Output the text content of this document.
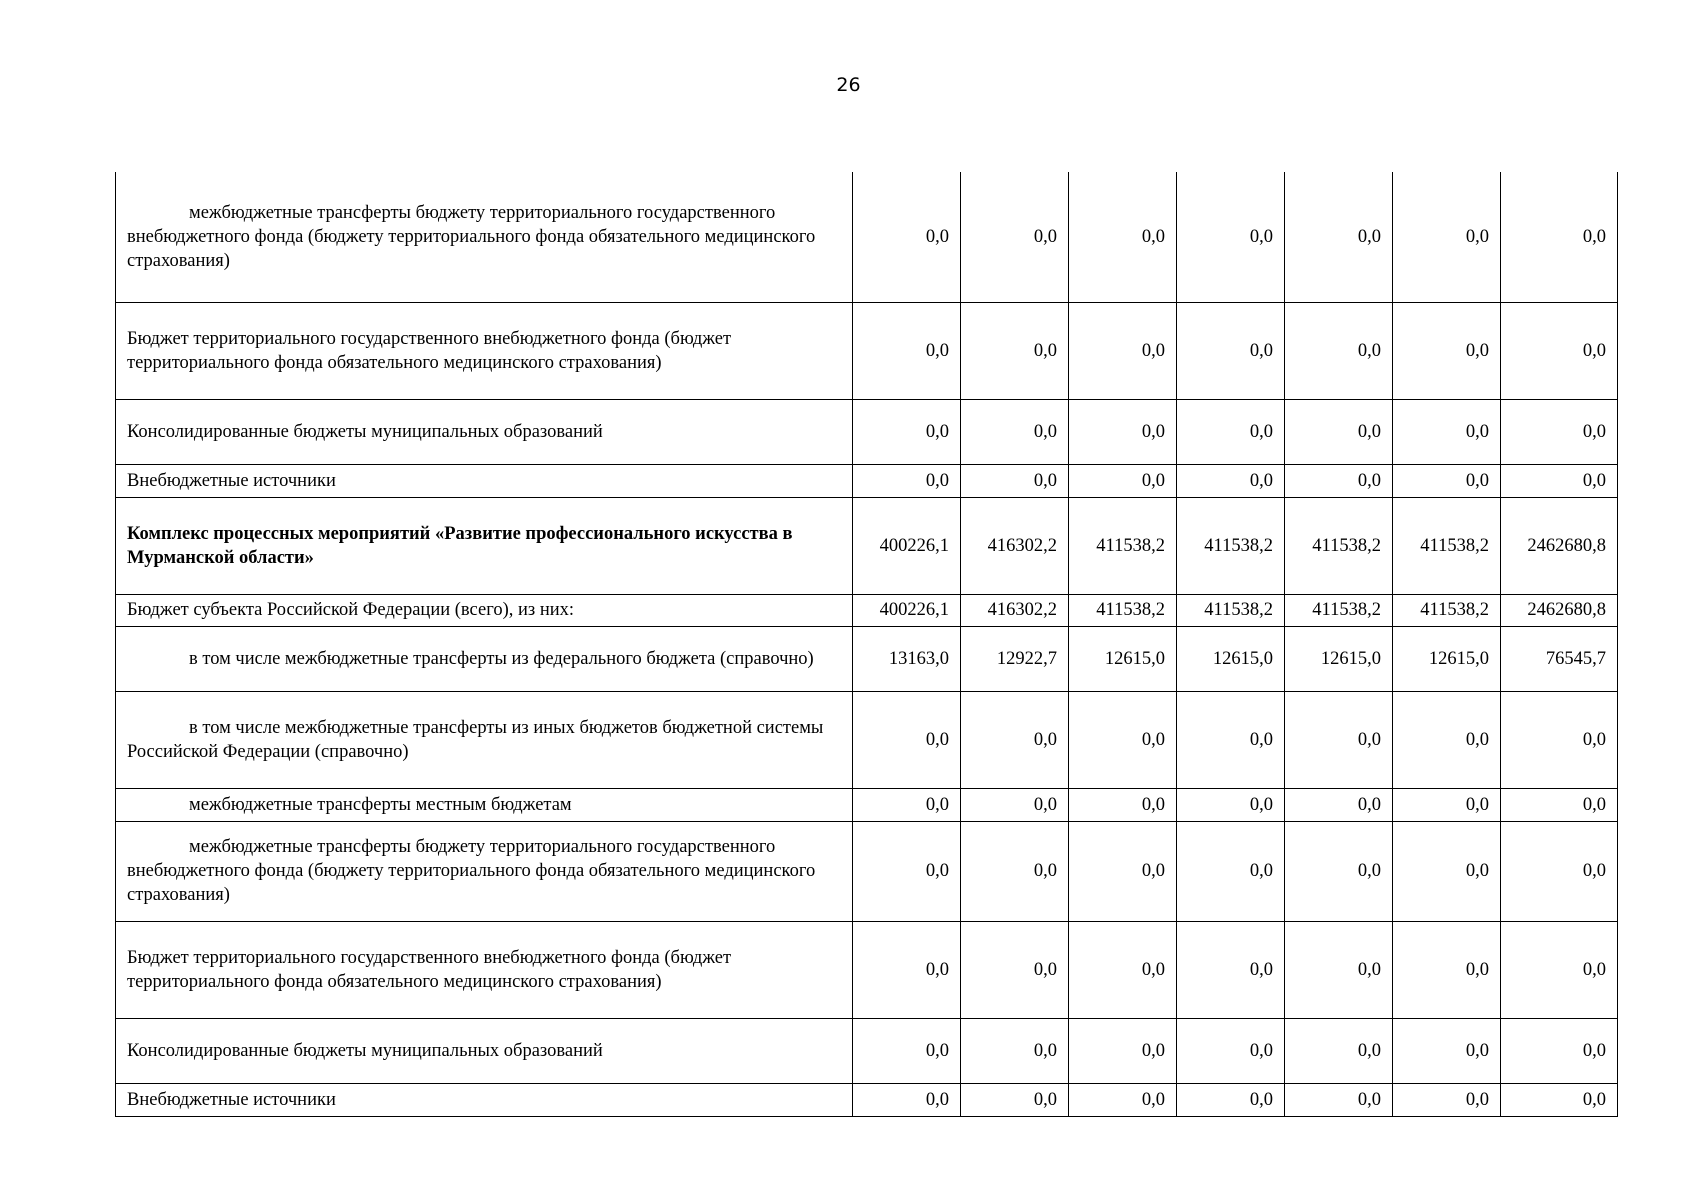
26
межбюджетные трансферты бюджету территориального государственного внебюджетного фонда (бюджету территориального фонда обязательного медицинского страхования)	0,0	0,0	0,0	0,0	0,0	0,0	0,0
Бюджет территориального государственного внебюджетного фонда (бюджет территориального фонда обязательного медицинского страхования)	0,0	0,0	0,0	0,0	0,0	0,0	0,0
Консолидированные бюджеты муниципальных образований	0,0	0,0	0,0	0,0	0,0	0,0	0,0
Внебюджетные источники	0,0	0,0	0,0	0,0	0,0	0,0	0,0
Комплекс процессных мероприятий «Развитие профессионального искусства в Мурманской области»	400226,1	416302,2	411538,2	411538,2	411538,2	411538,2	2462680,8
Бюджет субъекта Российской Федерации (всего), из них:	400226,1	416302,2	411538,2	411538,2	411538,2	411538,2	2462680,8
в том числе межбюджетные трансферты из федерального бюджета (справочно)	13163,0	12922,7	12615,0	12615,0	12615,0	12615,0	76545,7
в том числе межбюджетные трансферты из иных бюджетов бюджетной системы Российской Федерации (справочно)	0,0	0,0	0,0	0,0	0,0	0,0	0,0
межбюджетные трансферты местным бюджетам	0,0	0,0	0,0	0,0	0,0	0,0	0,0
межбюджетные трансферты бюджету территориального государственного внебюджетного фонда (бюджету территориального фонда обязательного медицинского страхования)	0,0	0,0	0,0	0,0	0,0	0,0	0,0
Бюджет территориального государственного внебюджетного фонда (бюджет территориального фонда обязательного медицинского страхования)	0,0	0,0	0,0	0,0	0,0	0,0	0,0
Консолидированные бюджеты муниципальных образований	0,0	0,0	0,0	0,0	0,0	0,0	0,0
Внебюджетные источники	0,0	0,0	0,0	0,0	0,0	0,0	0,0
